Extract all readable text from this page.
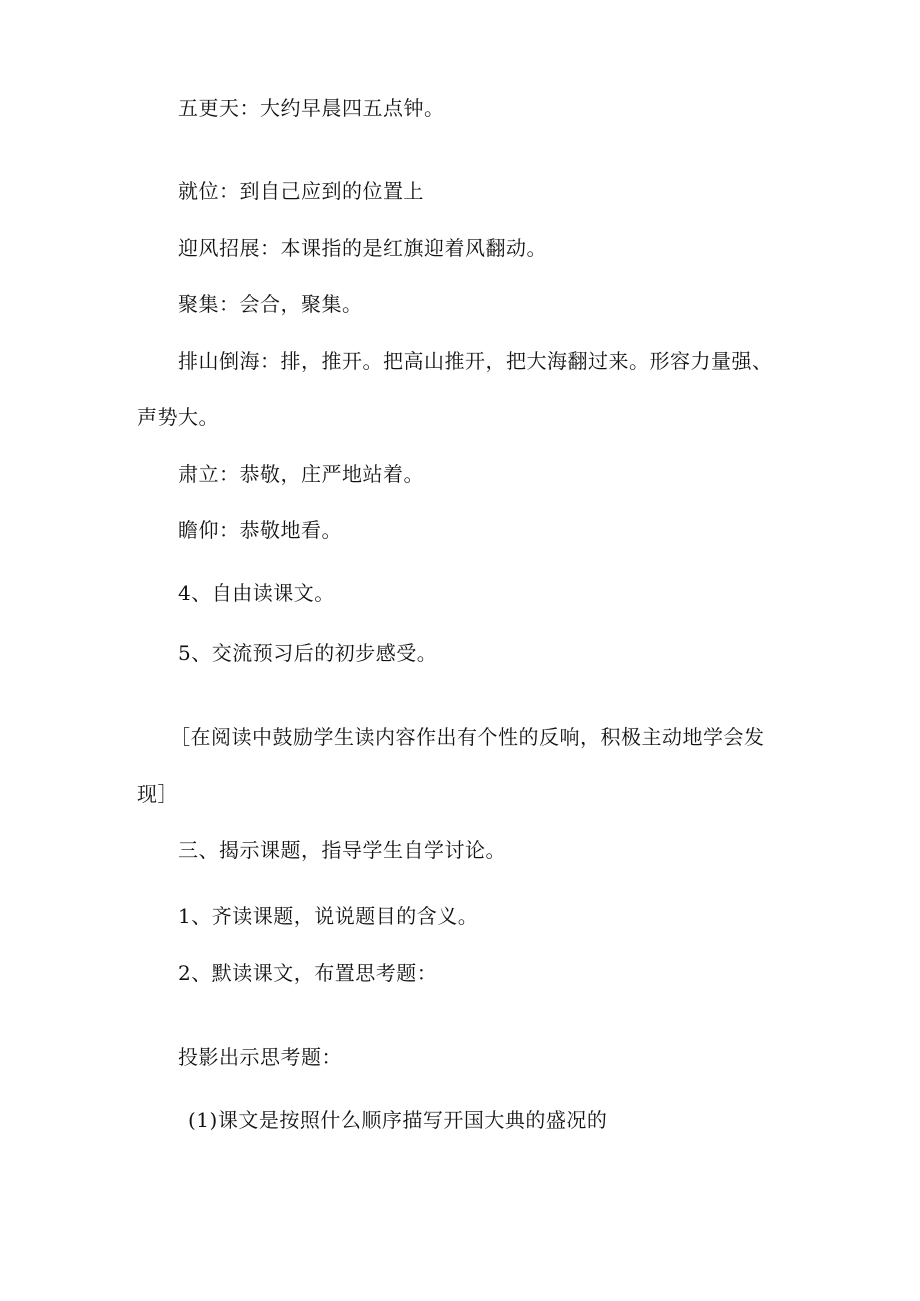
五更天：大约早晨四五点钟。
就位：到自己应到的位置上
迎风招展：本课指的是红旗迎着风翻动。
聚集：会合，聚集。
排山倒海：排，推开。把高山推开，把大海翻过来。形容力量强、
声势大。
肃立：恭敬，庄严地站着。
瞻仰：恭敬地看。
4、自由读课文。
5、交流预习后的初步感受。
［在阅读中鼓励学生读内容作出有个性的反响，积极主动地学会发
现］
三、揭示课题，指导学生自学讨论。
1、齐读课题，说说题目的含义。
2、默读课文，布置思考题：
投影出示思考题：
(1)课文是按照什么顺序描写开国大典的盛况的
